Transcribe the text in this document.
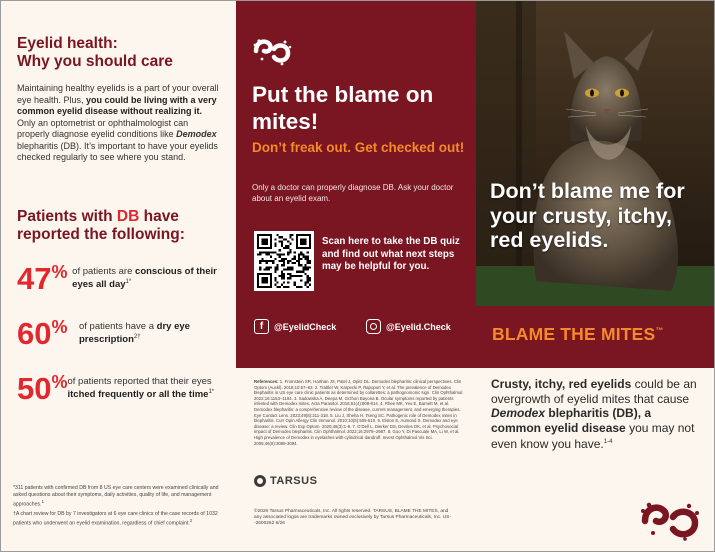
Eyelid health:
Why you should care

Maintaining healthy eyelids is a part of your overall eye health. Plus, you could be living with a very common eyelid disease without realizing it. Only an optometrist or ophthalmologist can properly diagnose eyelid conditions like Demodex blepharitis (DB). It’s important to have your eyelids checked regularly to see where you stand.

Patients with DB have reported the following:
47% of patients are conscious of their eyes all day$^{1*}$
60%	of patients have a dry eye prescription$^{2\dagger}$
50% of patients reported that their eyes itched frequently or all the time$^{1*}$

*311 patients with confirmed DB from 8 US eye care centers were examined clinically and asked questions about their symptoms, daily activities, quality of life, and management approaches.$^1$

†A chart review for DB by 7 investigators at 6 eye care clinics of the case records of 1032 patients who underwent an eyelid examination, regardless of chief complaint.$^2$

Put the blame on mites!

Don’t freak out. Get checked out!

Only a doctor can properly diagnose DB. Ask your doctor about an eyelid exam.

Scan here to take the DB quiz and find out what next steps may be helpful for you.

f	@EyelidCheck	@Eyelid.Check

Don’t blame me for your crusty, itchy, red eyelids.

BLAME THE MITES™

References: 1. Fromstein SR, Harthan JS, Patel J, Opitz DL. Demodex blepharitis: clinical perspectives. Clin Optom (Auckl). 2018;10:57–63. 2. Trattler W, Karpecki P, Rapoport Y, et al. The prevalence of Demodex blepharitis in US eye care clinic patients as determined by collarettes: a pathognomonic sign. Clin Ophthalmol. 2022;16:1153–1164. 3. Sadowska A, Deepa M, Grzhon Bayona B. Ocular symptoms reported by patients infested with Demodex mites. Acta Parasitol. 2016;61(4):808-814. 4. Rhee MK, Yeu E, Barnett M, et al. Demodex blepharitis: a comprehensive review of the disease, current management, and emerging therapies. Eye Contact Lens. 2023;49(8):311-318. 5. Liu J, Sheha H, Tseng SC. Pathogenic role of Demodex mites in blepharitis. Curr Opin Allergy Clin Immunol. 2010;10(5):505-510. 6. Elston E, Aumond S. Demodex and eye disease: a review. Clin Exp Optom. 2020;46(3):1-9. 7. O’Dell L, Dierker DS, Devries DK, et al. Psychosocial impact of Demodex blepharitis. Clin Ophthalmol. 2022;16:2979–2987. 8. Goo Y, Di Pascuale MA, Li W, et al. High prevalence of Demodex in eyelashes with cylindrical dandruff. Invest Ophthalmol Vis Sci. 2005;46(9):3089-3094.

TARSUS

©2026 Tarsus Pharmaceuticals, Inc. All rights reserved. TARSUS, BLAME THE MITES, and any associated logos are trademarks owned exclusively by Tarsus Pharmaceuticals, Inc. US--2600262 6/26

Crusty, itchy, red eyelids could be an overgrowth of eyelid mites that cause Demodex blepharitis (DB), a common eyelid disease you may not even know you have.$^{1-4}$
